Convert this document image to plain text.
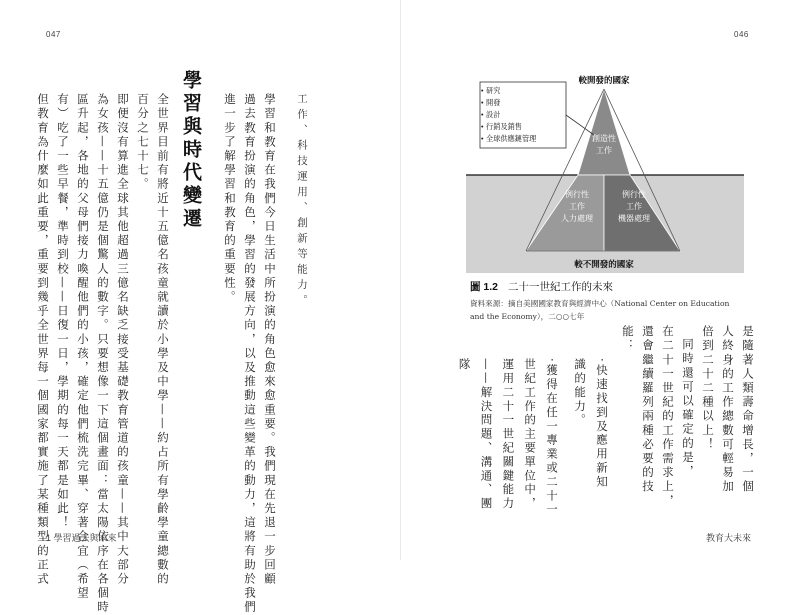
047
工作、科技運用、創新等能力。
學習和教育在我們今日生活中所扮演的角色愈來愈重要。我們現在先退一步回顧
過去教育扮演的角色，學習的發展方向，以及推動這些變革的動力，這將有助於我們
進一步了解學習和教育的重要性。
學習與時代變遷
全世界目前有將近十五億名孩童就讀於小學及中學——約占所有學齡學童總數的
百分之七十七。
即便沒有算進全球其他超過三億名缺乏接受基礎教育管道的孩童——其中大部分
為女孩——十五億仍是個驚人的數字。只要想像一下這個畫面：當太陽依序在各個時
區升起，各地的父母們接力喚醒他們的小孩，確定他們梳洗完畢、穿著合宜（希望
有）吃了一些早餐，準時到校——日復一日，學期的每一天都是如此！
但教育為什麼如此重要，重要到幾乎全世界每一個國家都實施了某種類型的正式
1 學習過去與未來
046
研究
開發
設計
行銷及銷售
全球供應鏈管理
•
•
•
•
•
較開發的國家
較不開發的國家
創造性
工作
例行性
工作
人力處理
例行性
工作
機器處理
圖 1.2 二十一世紀工作的未來
資料來源：摘自美國國家教育與經濟中心（National Center on Education
and the Economy），二○○七年
是隨著人類壽命增長，一個
人終身的工作總數可輕易加
倍到二十二種以上！
同時還可以確定的是，
在二十一世紀的工作需求上，
還會繼續羅列兩種必要的技
能：
‧快速找到及應用新知識的能力。
‧獲得在任一專業或二十一世紀工作的主要單位中，運用二十一世紀關鍵能力——解決問題、溝通、團隊
教育大未來
